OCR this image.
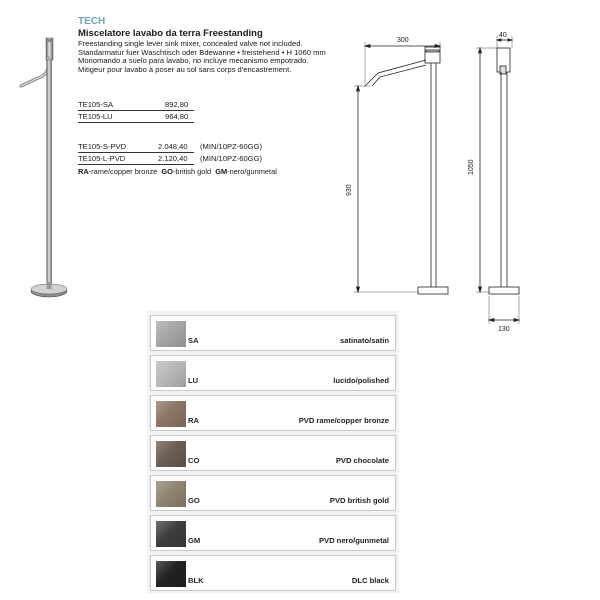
TECH
Miscelatore lavabo da terra Freestanding
Freestanding single lever sink mixer, concealed valve not included.
Standarmatur fuer Waschtisch oder Bdewanne • freistehend • H 1060 mm
Monomando a suelo para lavabo, no incluye mecanismo empotrado.
Mitigeur pour lavabo à poser au sol sans corps d'encastrement.
TE105-SA	892,80
TE105-LU	964,80
TE105-S-PVD	2.048,40 (MIN/10PZ-60GG)
TE105-L-PVD	2.120,40 (MIN/10PZ-60GG)
RA-rame/copper bronze GO-british gold GM-nero/gunmetal
300
40
1050
930
130
SA	satinato/satin
LU	lucido/polished
RA	PVD rame/copper bronze
CO	PVD chocolate
GO	PVD british gold
GM	PVD nero/gunmetal
BLK	DLC black
